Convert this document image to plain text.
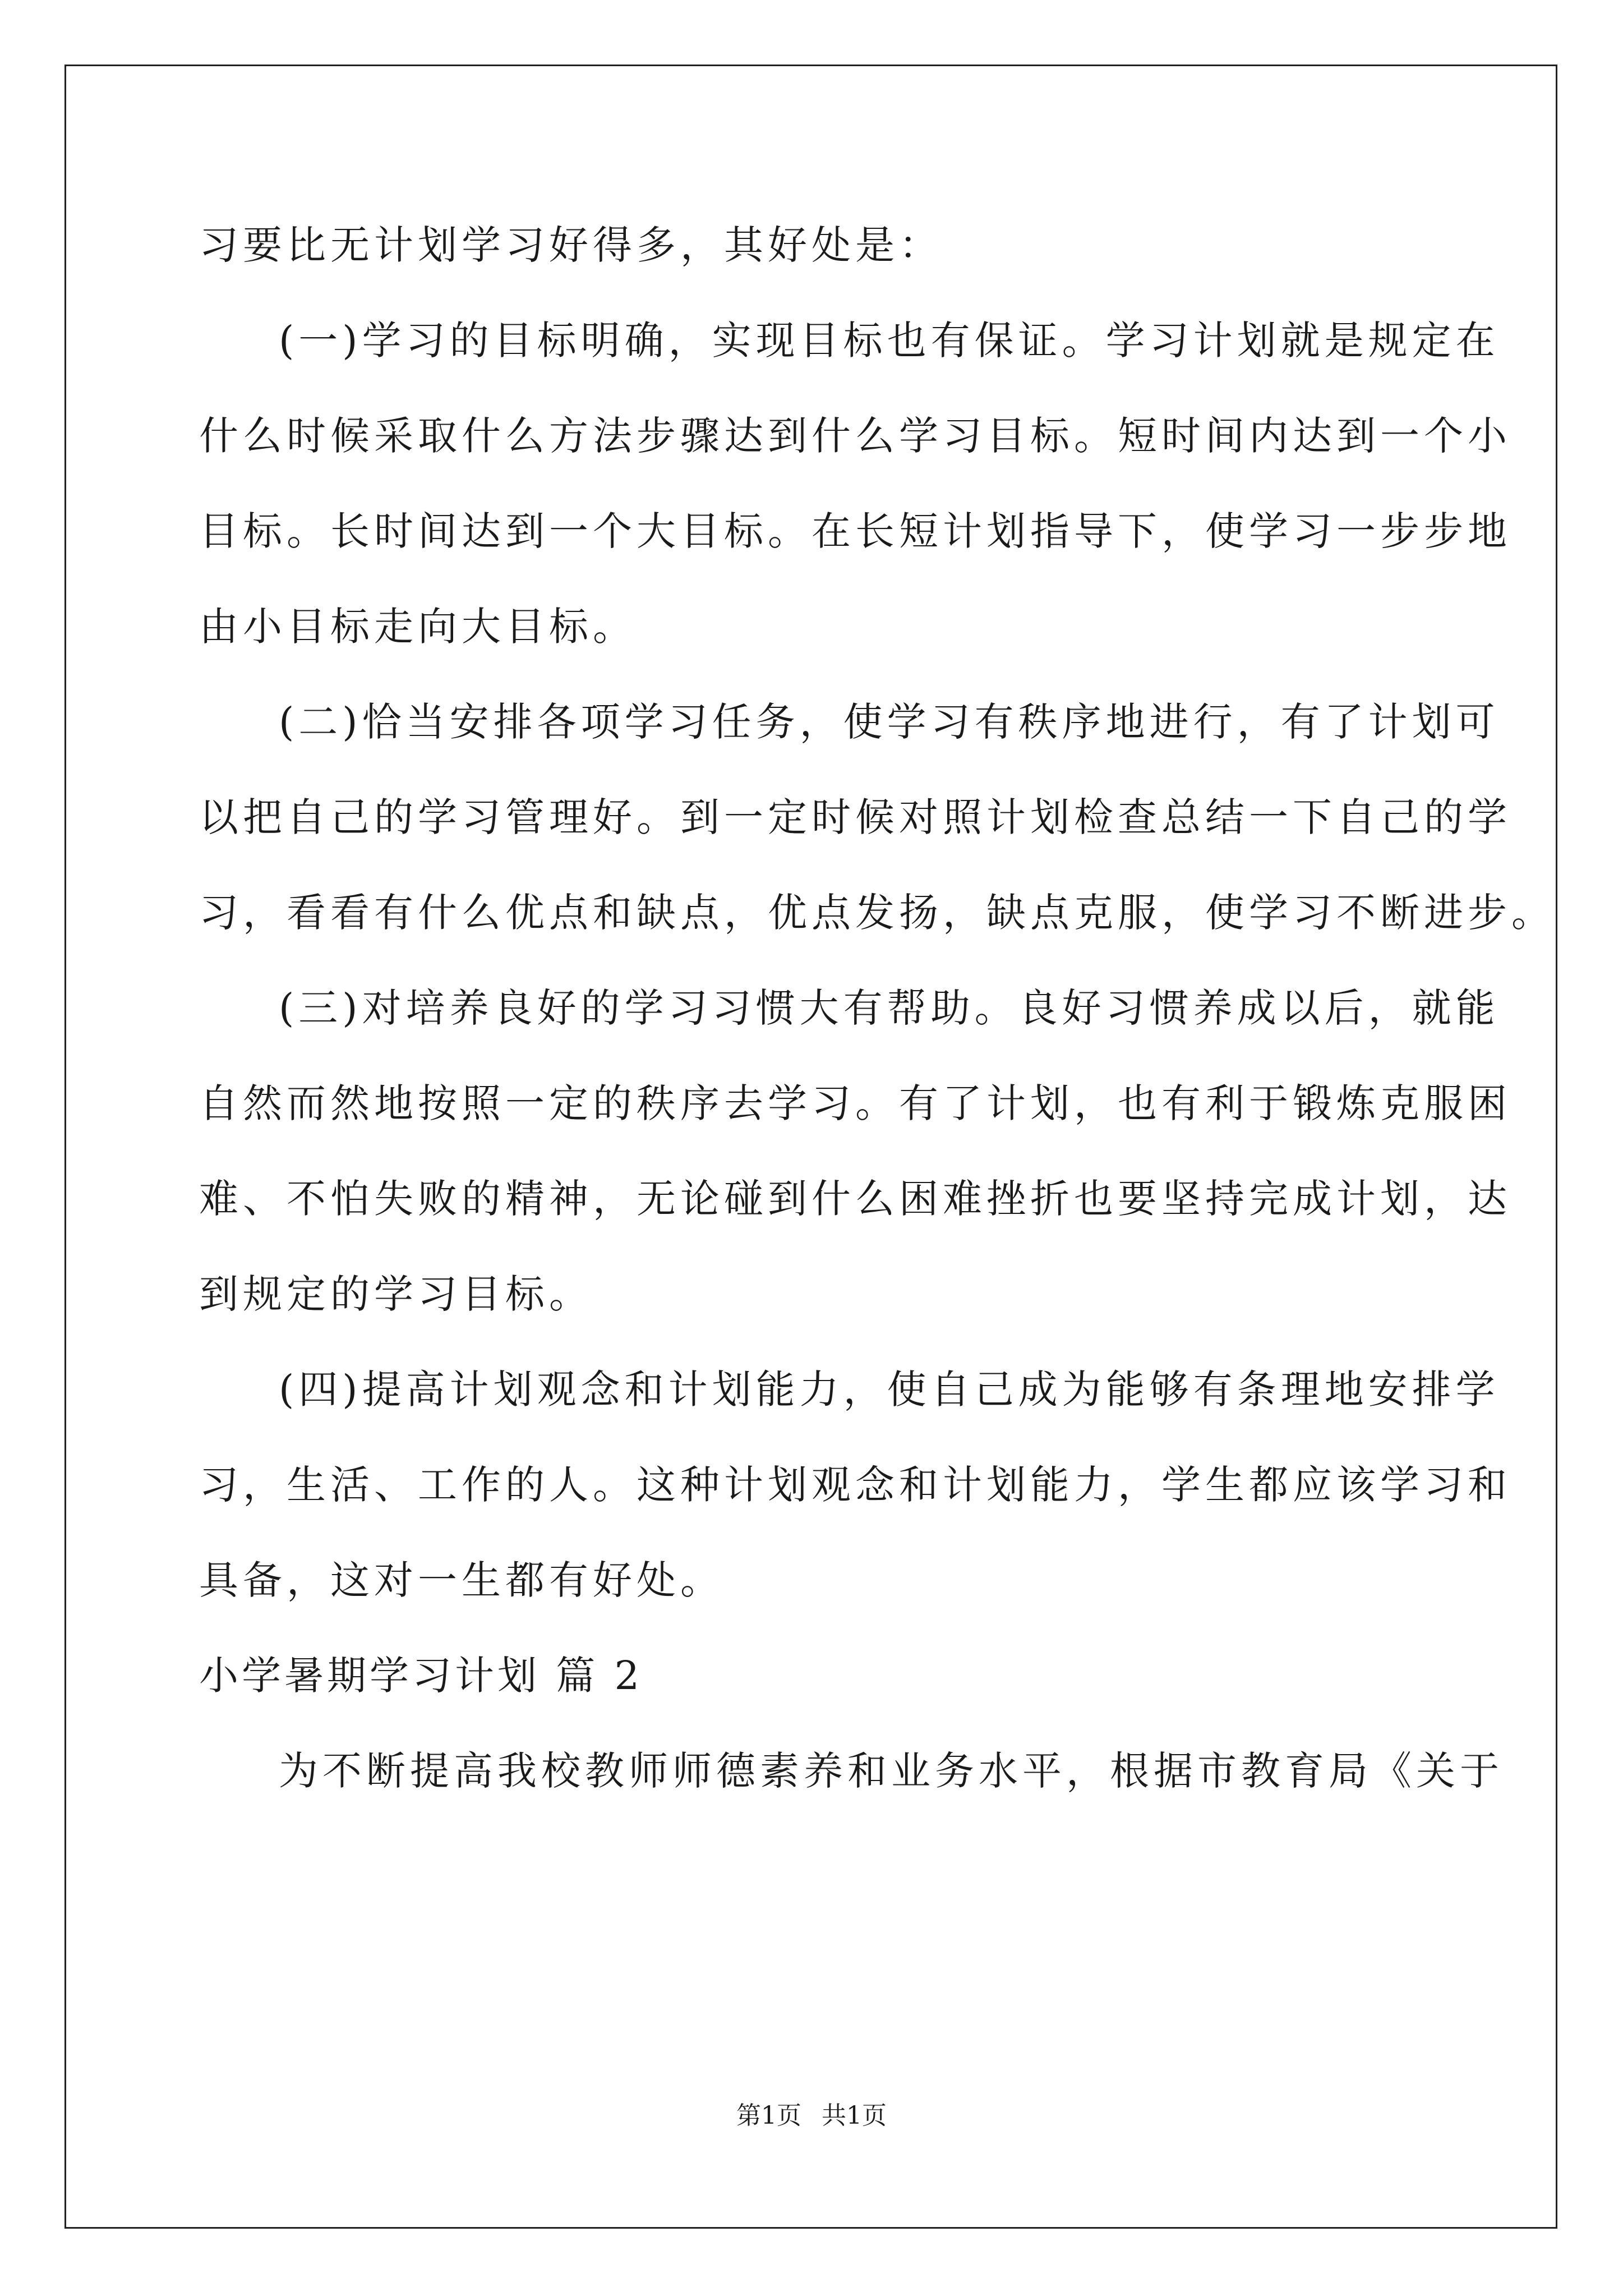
习要比无计划学习好得多，其好处是：
(一)学习的目标明确，实现目标也有保证。学习计划就是规定在
什么时候采取什么方法步骤达到什么学习目标。短时间内达到一个小
目标。长时间达到一个大目标。在长短计划指导下，使学习一步步地
由小目标走向大目标。
(二)恰当安排各项学习任务，使学习有秩序地进行，有了计划可
以把自己的学习管理好。到一定时候对照计划检查总结一下自己的学
习，看看有什么优点和缺点，优点发扬，缺点克服，使学习不断进步。
(三)对培养良好的学习习惯大有帮助。良好习惯养成以后，就能
自然而然地按照一定的秩序去学习。有了计划，也有利于锻炼克服困
难、不怕失败的精神，无论碰到什么困难挫折也要坚持完成计划，达
到规定的学习目标。
(四)提高计划观念和计划能力，使自己成为能够有条理地安排学
习，生活、工作的人。这种计划观念和计划能力，学生都应该学习和
具备，这对一生都有好处。
小学暑期学习计划 篇 2
为不断提高我校教师师德素养和业务水平，根据市教育局《关于
第1页 共1页
